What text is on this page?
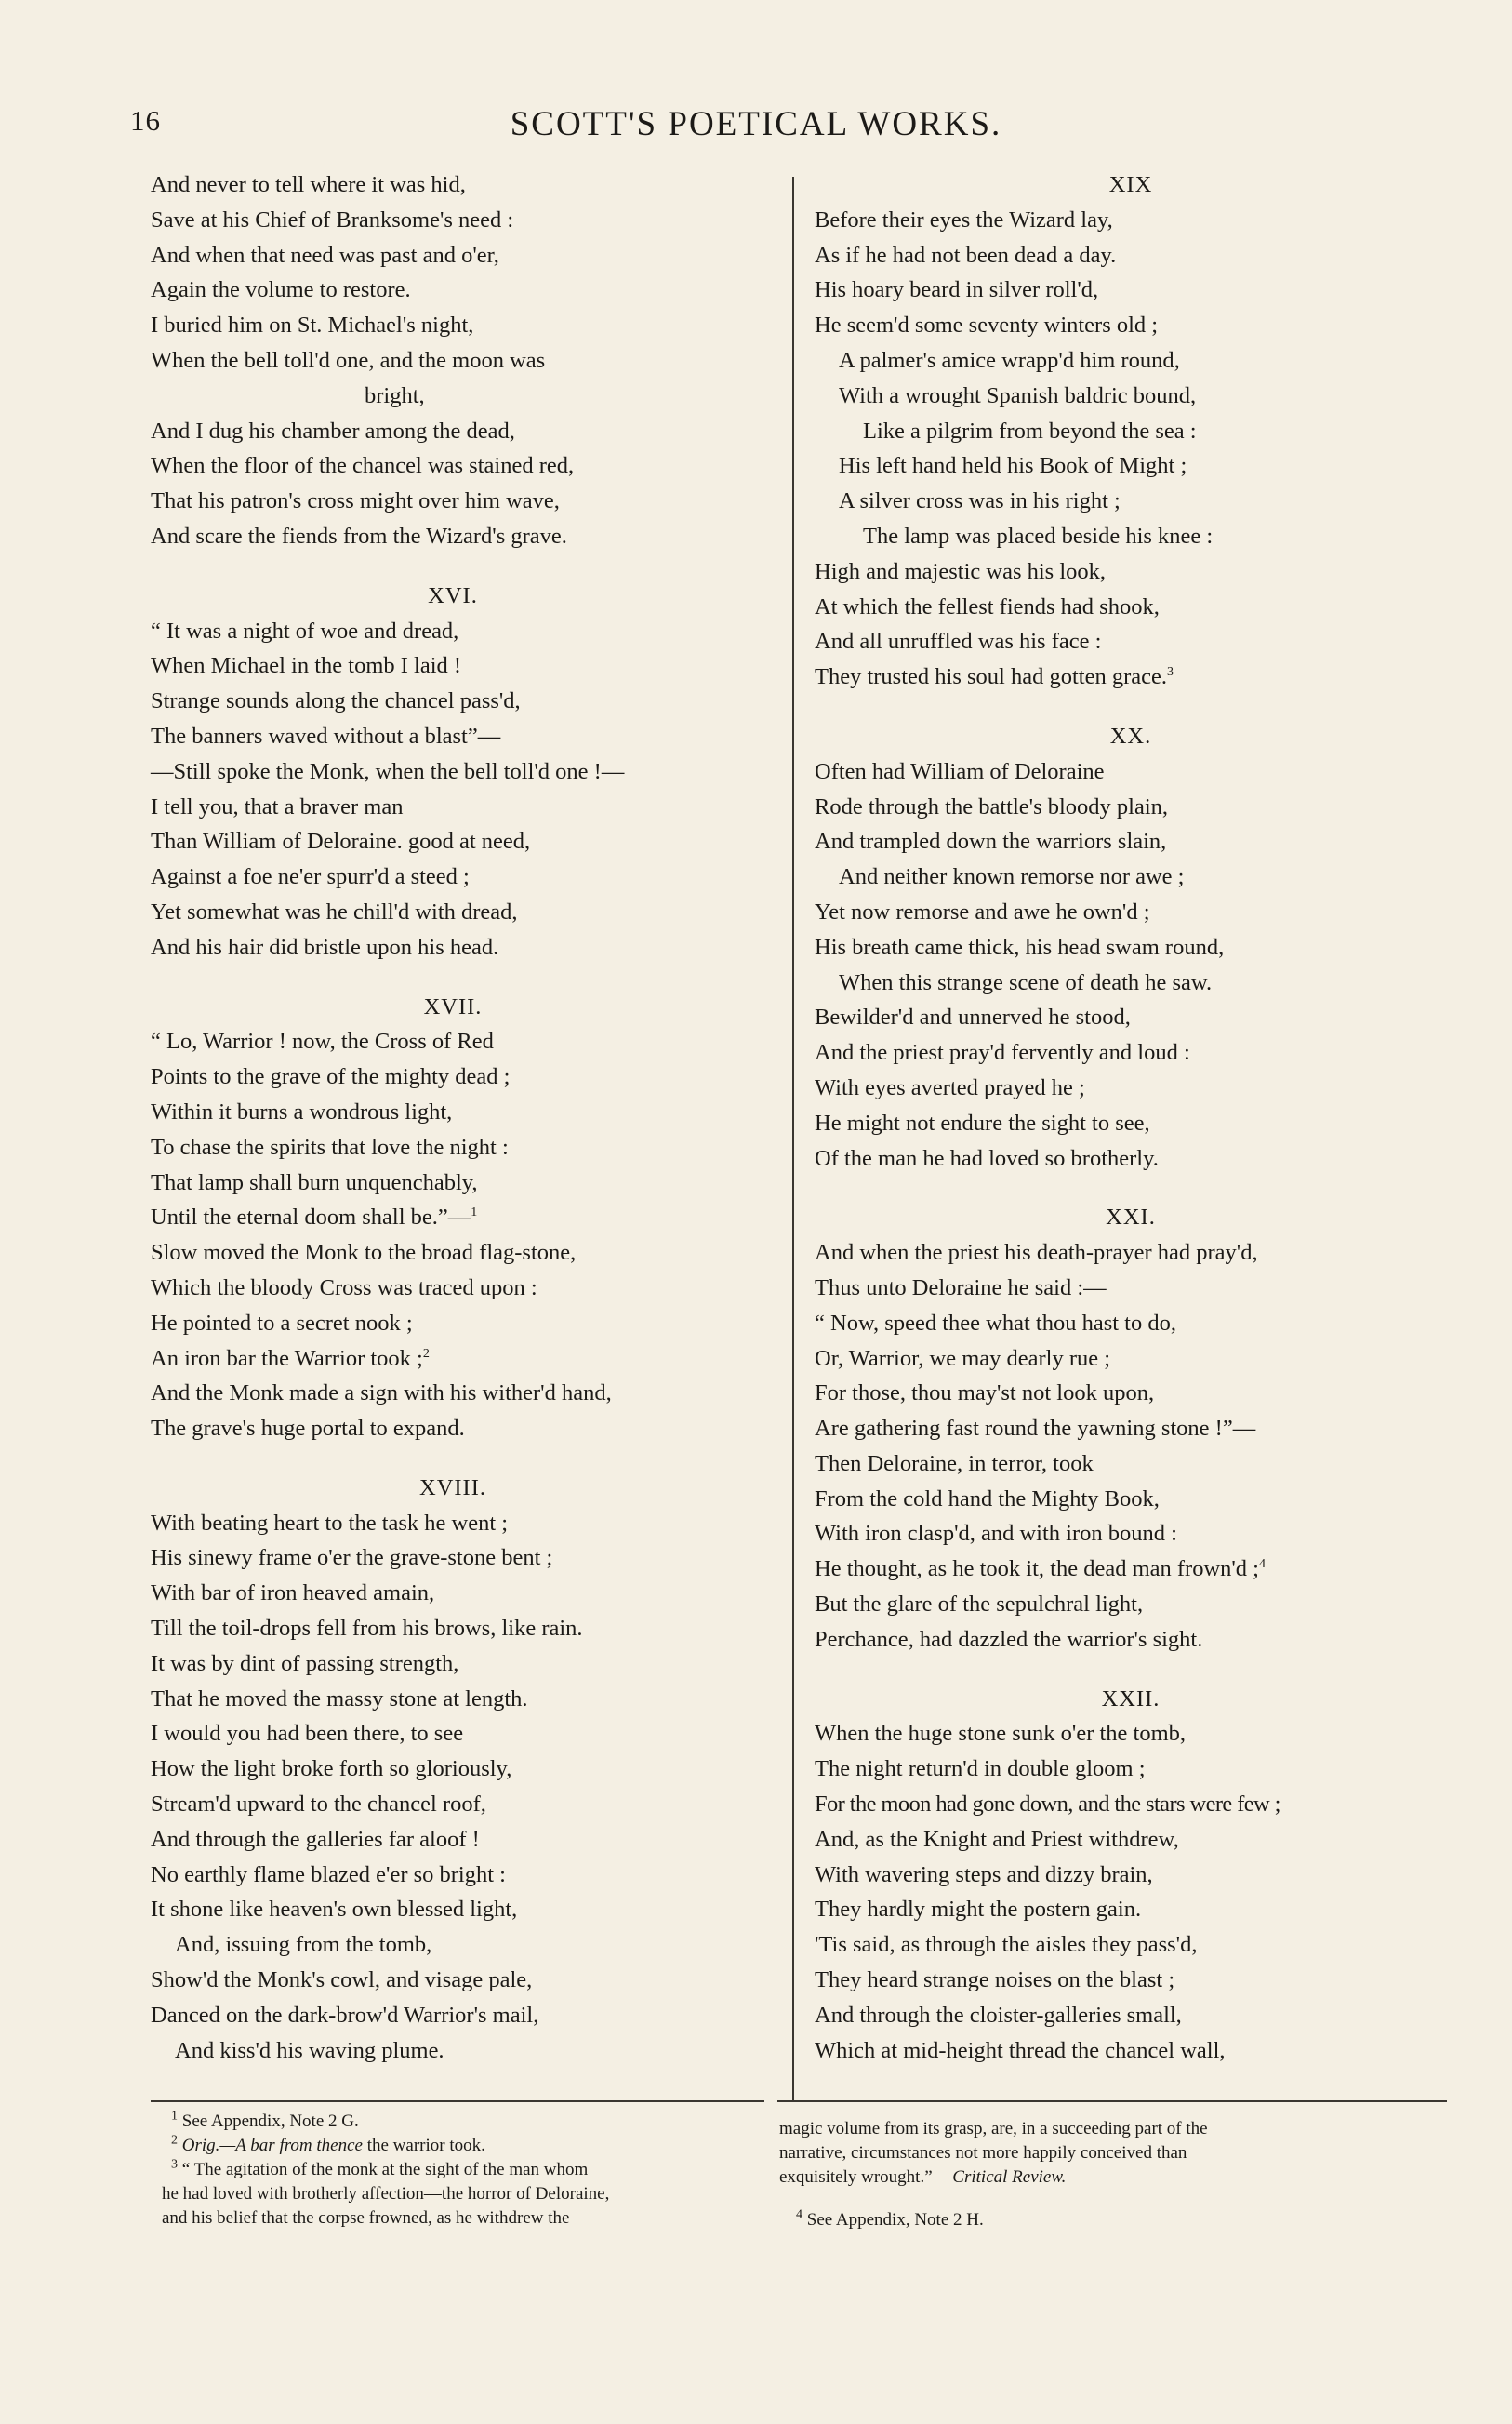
16	SCOTT'S POETICAL WORKS.
And never to tell where it was hid,
Save at his Chief of Branksome's need :
And when that need was past and o'er,
Again the volume to restore.
I buried him on St. Michael's night,
When the bell toll'd one, and the moon was
bright,
And I dug his chamber among the dead,
When the floor of the chancel was stained red,
That his patron's cross might over him wave,
And scare the fiends from the Wizard's grave.
XVI.
“ It was a night of woe and dread,
When Michael in the tomb I laid !
Strange sounds along the chancel pass'd,
The banners waved without a blast”—
—Still spoke the Monk, when the bell toll'd one !—
I tell you, that a braver man
Than William of Deloraine. good at need,
Against a foe ne'er spurr'd a steed ;
Yet somewhat was he chill'd with dread,
And his hair did bristle upon his head.
XVII.
“ Lo, Warrior ! now, the Cross of Red
Points to the grave of the mighty dead ;
Within it burns a wondrous light,
To chase the spirits that love the night :
That lamp shall burn unquenchably,
Until the eternal doom shall be.”—$^1$
Slow moved the Monk to the broad flag-stone,
Which the bloody Cross was traced upon :
He pointed to a secret nook ;
An iron bar the Warrior took ;$^2$
And the Monk made a sign with his wither'd hand,
The grave's huge portal to expand.
XVIII.
With beating heart to the task he went ;
His sinewy frame o'er the grave-stone bent ;
With bar of iron heaved amain,
Till the toil-drops fell from his brows, like rain.
It was by dint of passing strength,
That he moved the massy stone at length.
I would you had been there, to see
How the light broke forth so gloriously,
Stream'd upward to the chancel roof,
And through the galleries far aloof !
No earthly flame blazed e'er so bright :
It shone like heaven's own blessed light,
And, issuing from the tomb,
Show'd the Monk's cowl, and visage pale,
Danced on the dark-brow'd Warrior's mail,
And kiss'd his waving plume.
XIX
Before their eyes the Wizard lay,
As if he had not been dead a day.
His hoary beard in silver roll'd,
He seem'd some seventy winters old ;
A palmer's amice wrapp'd him round,
With a wrought Spanish baldric bound,
Like a pilgrim from beyond the sea :
His left hand held his Book of Might ;
A silver cross was in his right ;
The lamp was placed beside his knee :
High and majestic was his look,
At which the fellest fiends had shook,
And all unruffled was his face :
They trusted his soul had gotten grace.$^3$
XX.
Often had William of Deloraine
Rode through the battle's bloody plain,
And trampled down the warriors slain,
And neither known remorse nor awe ;
Yet now remorse and awe he own'd ;
His breath came thick, his head swam round,
When this strange scene of death he saw.
Bewilder'd and unnerved he stood,
And the priest pray'd fervently and loud :
With eyes averted prayed he ;
He might not endure the sight to see,
Of the man he had loved so brotherly.
XXI.
And when the priest his death-prayer had pray'd,
Thus unto Deloraine he said :—
“ Now, speed thee what thou hast to do,
Or, Warrior, we may dearly rue ;
For those, thou may'st not look upon,
Are gathering fast round the yawning stone !”—
Then Deloraine, in terror, took
From the cold hand the Mighty Book,
With iron clasp'd, and with iron bound :
He thought, as he took it, the dead man frown'd ;$^4$
But the glare of the sepulchral light,
Perchance, had dazzled the warrior's sight.
XXII.
When the huge stone sunk o'er the tomb,
The night return'd in double gloom ;
For the moon had gone down, and the stars were few ;
And, as the Knight and Priest withdrew,
With wavering steps and dizzy brain,
They hardly might the postern gain.
'Tis said, as through the aisles they pass'd,
They heard strange noises on the blast ;
And through the cloister-galleries small,
Which at mid-height thread the chancel wall,
$^1$ See Appendix, Note 2 G.
$^2$ Orig.—A bar from thence the warrior took.
$^3$ “ The agitation of the monk at the sight of the man whom
he had loved with brotherly affection—the horror of Deloraine,
and his belief that the corpse frowned, as he withdrew the
magic volume from its grasp, are, in a succeeding part of the
narrative, circumstances not more happily conceived than
exquisitely wrought.” —Critical Review.
$^4$ See Appendix, Note 2 H.
